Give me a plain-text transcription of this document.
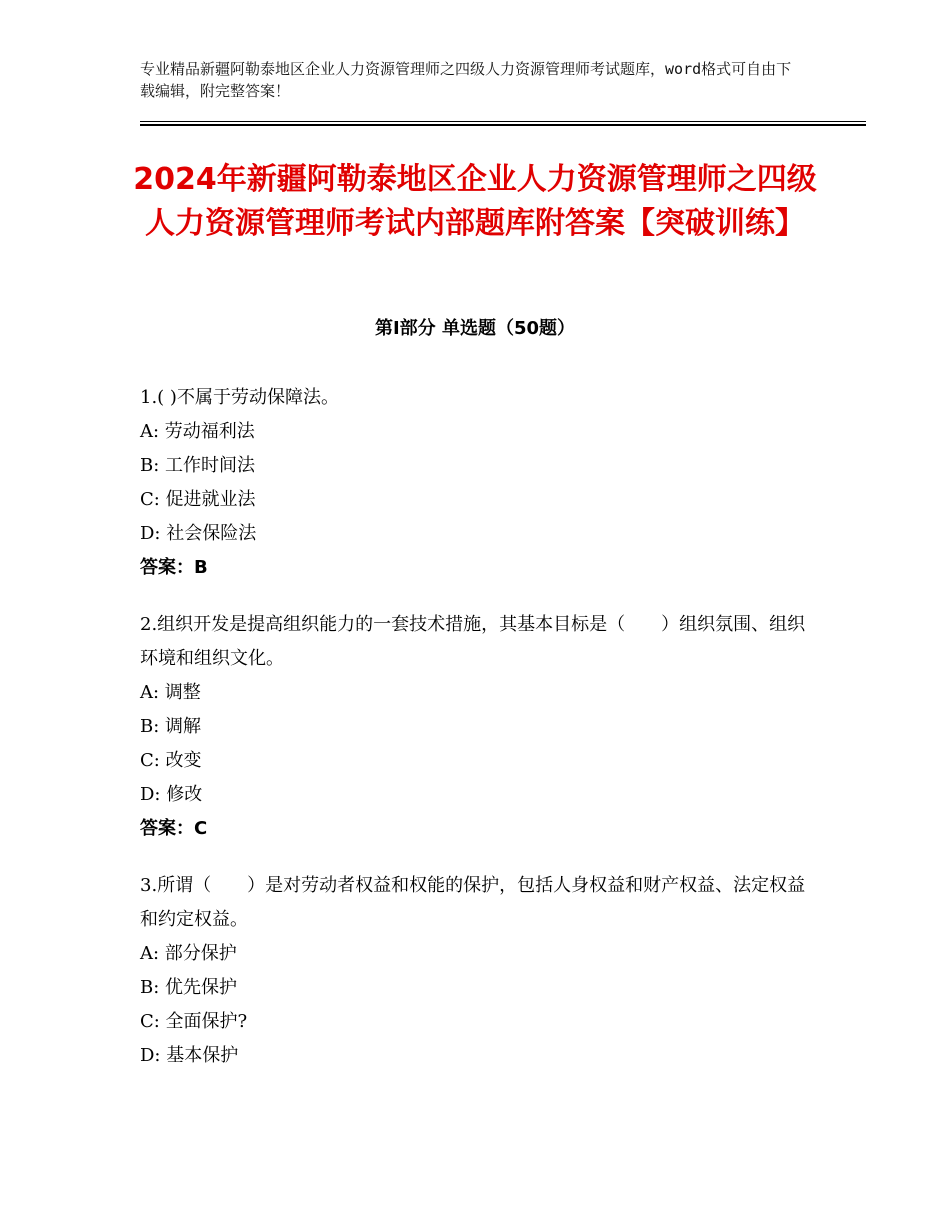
专业精品新疆阿勒泰地区企业人力资源管理师之四级人力资源管理师考试题库，word格式可自由下载编辑，附完整答案！
2024年新疆阿勒泰地区企业人力资源管理师之四级人力资源管理师考试内部题库附答案【突破训练】
第Ⅰ部分 单选题（50题）
1.( )不属于劳动保障法。
A: 劳动福利法
B: 工作时间法
C: 促进就业法
D: 社会保险法
答案：B
2.组织开发是提高组织能力的一套技术措施，其基本目标是（　　）组织氛围、组织环境和组织文化。
A: 调整
B: 调解
C: 改变
D: 修改
答案：C
3.所谓（　　）是对劳动者权益和权能的保护，包括人身权益和财产权益、法定权益和约定权益。
A: 部分保护
B: 优先保护
C: 全面保护?
D: 基本保护
